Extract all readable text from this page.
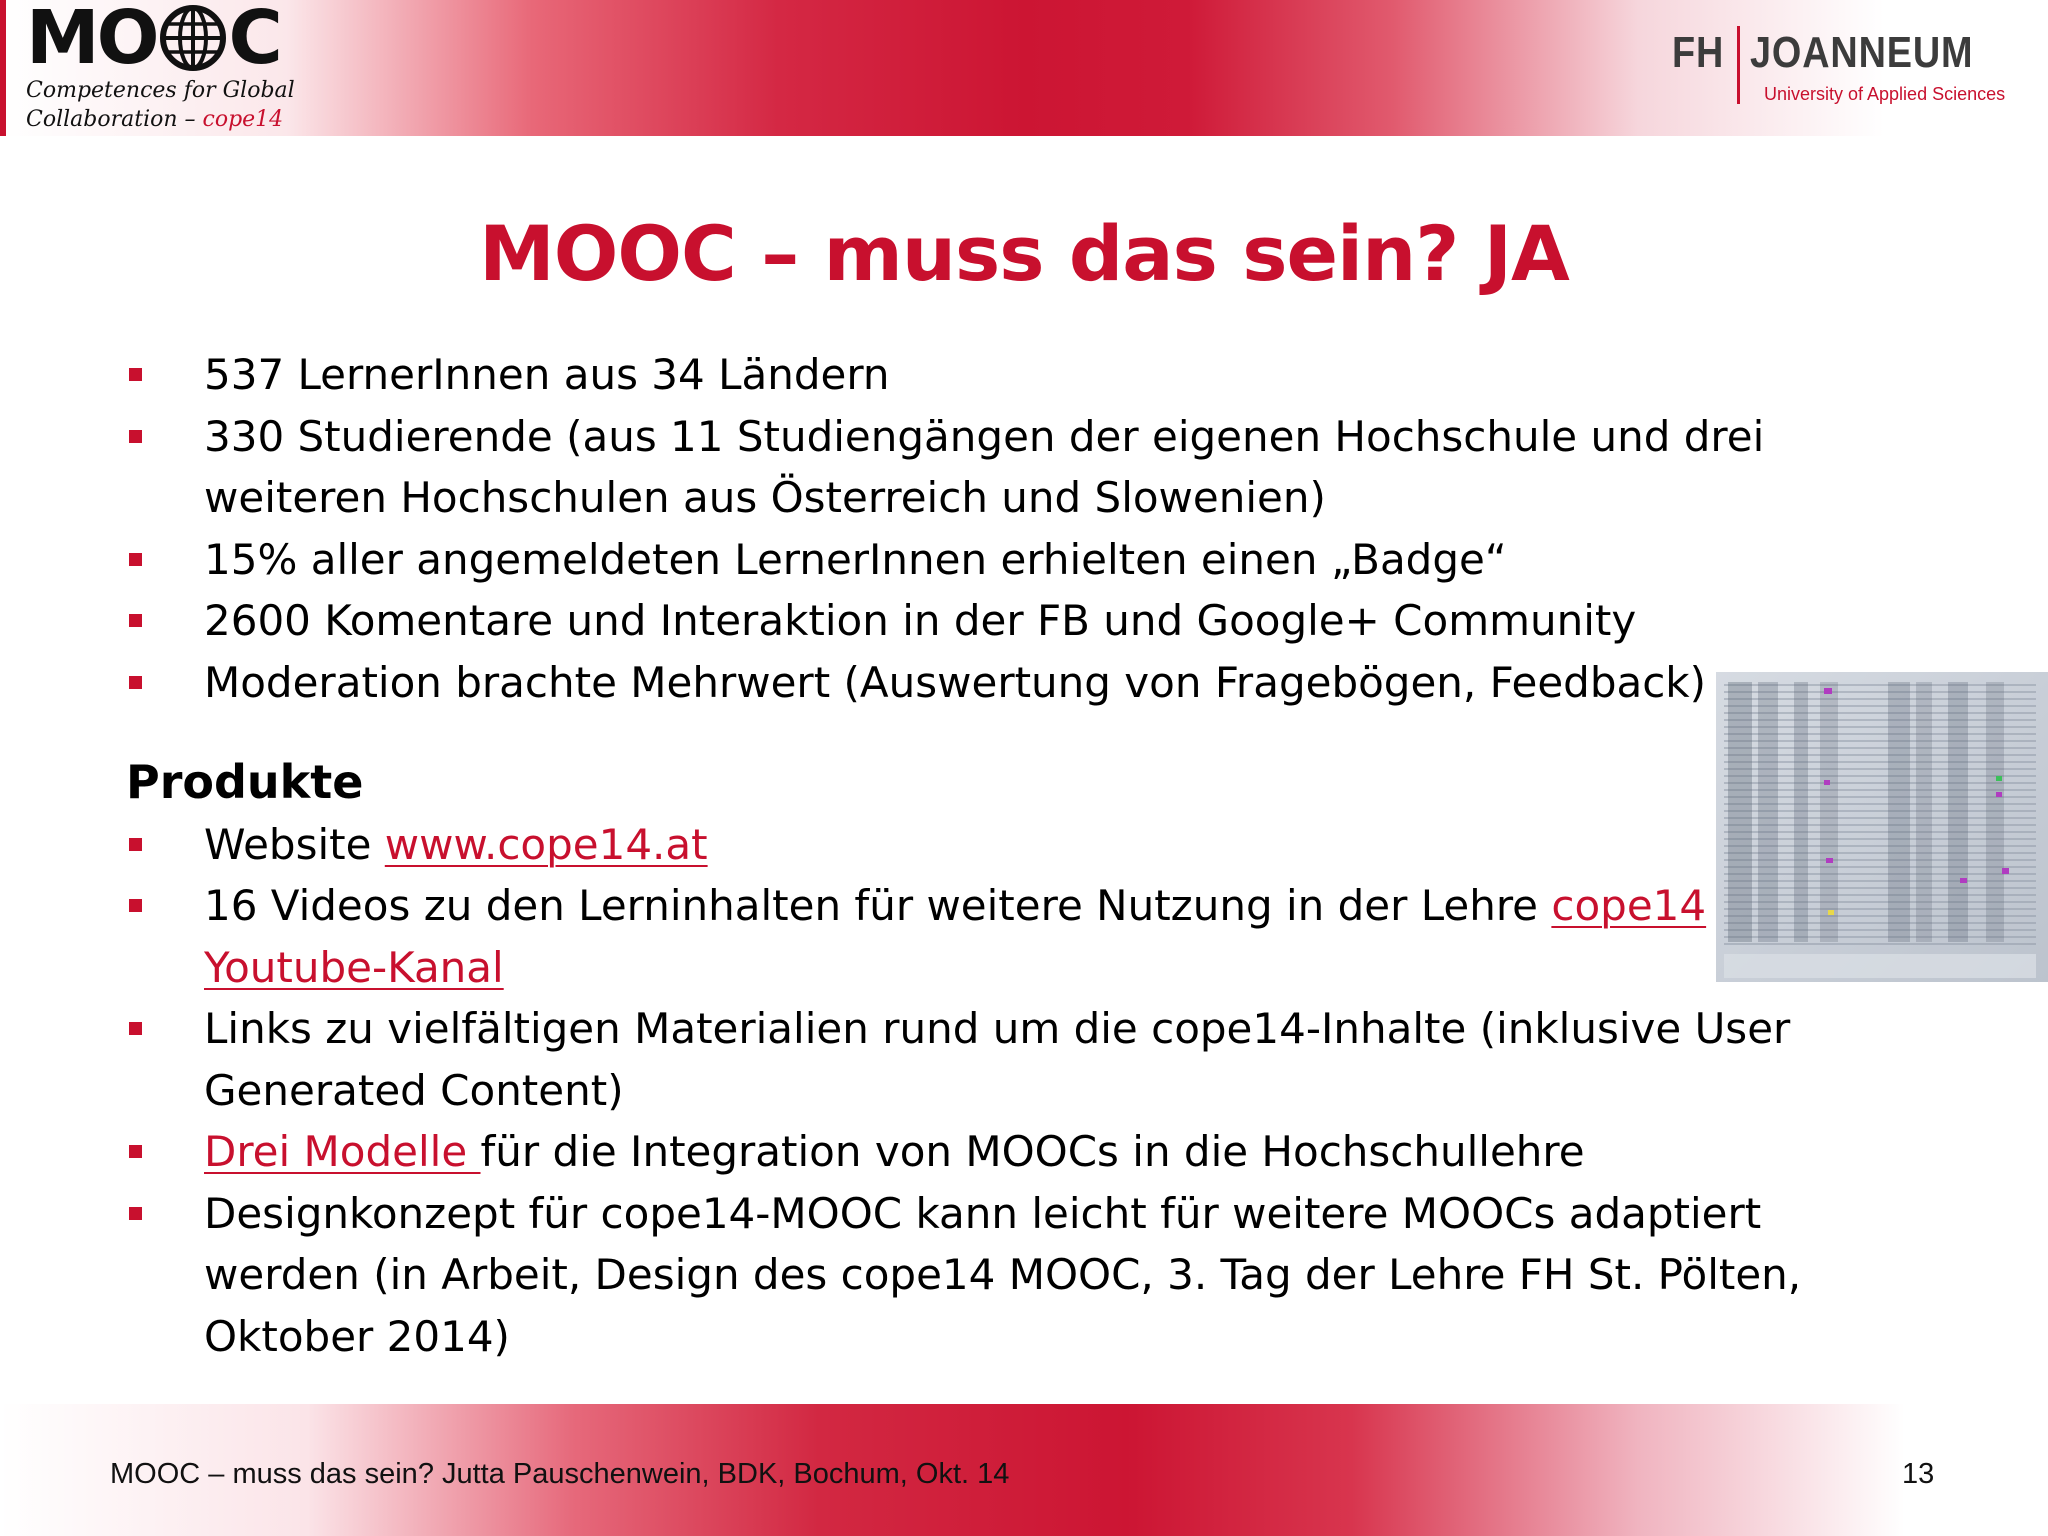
MO C
Competences for Global
Collaboration – cope14
FH JOANNEUM
University of Applied Sciences
MOOC – muss das sein? JA
537 LernerInnen aus 34 Ländern
330 Studierende (aus 11 Studiengängen der eigenen Hochschule und drei
weiteren Hochschulen aus Österreich und Slowenien)
15% aller angemeldeten LernerInnen erhielten einen „Badge“
2600 Komentare und Interaktion in der FB und Google+ Community
Moderation brachte Mehrwert (Auswertung von Fragebögen, Feedback)
Produkte
Website www.cope14.at
16 Videos zu den Lerninhalten für weitere Nutzung in der Lehre cope14
Youtube-Kanal
Links zu vielfältigen Materialien rund um die cope14-Inhalte (inklusive User
Generated Content)
Drei Modelle für die Integration von MOOCs in die Hochschullehre
Designkonzept für cope14-MOOC kann leicht für weitere MOOCs adaptiert
werden (in Arbeit, Design des cope14 MOOC, 3. Tag der Lehre FH St. Pölten,
Oktober 2014)
MOOC – muss das sein? Jutta Pauschenwein, BDK, Bochum, Okt. 14	13
